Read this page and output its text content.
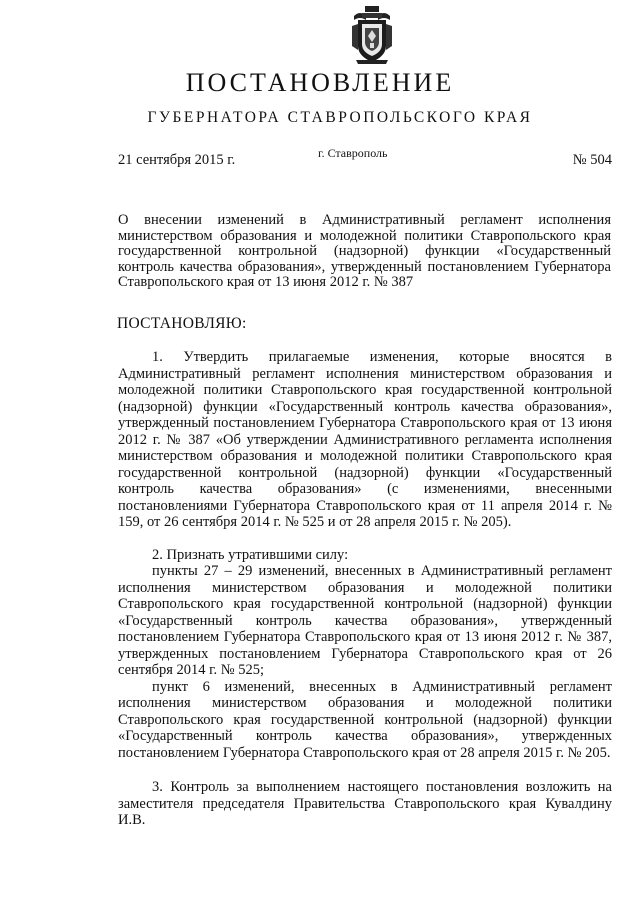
ПОСТАНОВЛЕНИЕ
ГУБЕРНАТОРА СТАВРОПОЛЬСКОГО КРАЯ
21 сентября 2015 г.	г. Ставрополь	№ 504

О внесении изменений в Административный регламент исполнения министерством образования и молодежной политики Ставропольского края государственной контрольной (надзорной) функции «Государственный контроль качества образования», утвержденный постановлением Губернатора Ставропольского края от 13 июня 2012 г. № 387

ПОСТАНОВЛЯЮ:

1. Утвердить прилагаемые изменения, которые вносятся в Административный регламент исполнения министерством образования и молодежной политики Ставропольского края государственной контрольной (надзорной) функции «Государственный контроль качества образования», утвержденный постановлением Губернатора Ставропольского края от 13 июня 2012 г. № 387 «Об утверждении Административного регламента исполнения министерством образования и молодежной политики Ставропольского края государственной контрольной (надзорной) функции «Государственный контроль качества образования» (с изменениями, внесенными постановлениями Губернатора Ставропольского края от 11 апреля 2014 г. № 159, от 26 сентября 2014 г. № 525 и от 28 апреля 2015 г. № 205).

2. Признать утратившими силу:

пункты 27 – 29 изменений, внесенных в Административный регламент исполнения министерством образования и молодежной политики Ставропольского края государственной контрольной (надзорной) функции «Государственный контроль качества образования», утвержденный постановлением Губернатора Ставропольского края от 13 июня 2012 г. № 387, утвержденных постановлением Губернатора Ставропольского края от 26 сентября 2014 г. № 525;

пункт 6 изменений, внесенных в Административный регламент исполнения министерством образования и молодежной политики Ставропольского края государственной контрольной (надзорной) функции «Государственный контроль качества образования», утвержденных постановлением Губернатора Ставропольского края от 28 апреля 2015 г. № 205.

3. Контроль за выполнением настоящего постановления возложить на заместителя председателя Правительства Ставропольского края Кувалдину И.В.
